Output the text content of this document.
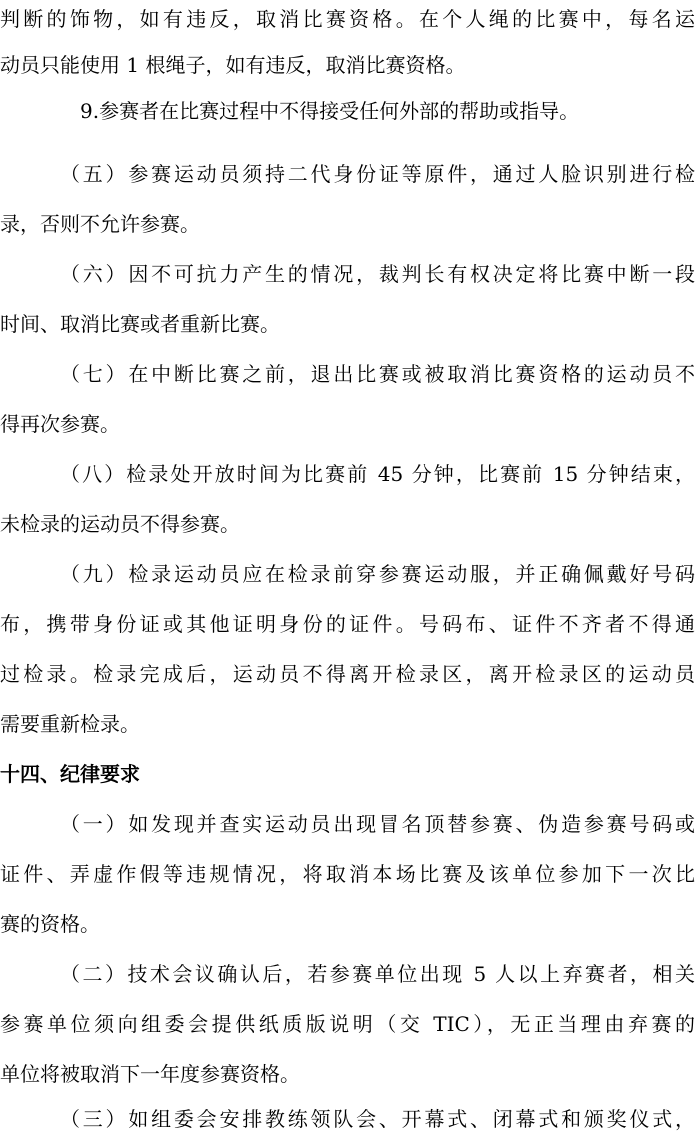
判断的饰物，如有违反，取消比赛资格。在个人绳的比赛中，每名运
动员只能使用 1 根绳子，如有违反，取消比赛资格。
9.参赛者在比赛过程中不得接受任何外部的帮助或指导。
（五）参赛运动员须持二代身份证等原件，通过人脸识别进行检
录，否则不允许参赛。
（六）因不可抗力产生的情况，裁判长有权决定将比赛中断一段
时间、取消比赛或者重新比赛。
（七）在中断比赛之前，退出比赛或被取消比赛资格的运动员不
得再次参赛。
（八）检录处开放时间为比赛前 45 分钟，比赛前 15 分钟结束，
未检录的运动员不得参赛。
（九）检录运动员应在检录前穿参赛运动服，并正确佩戴好号码
布，携带身份证或其他证明身份的证件。号码布、证件不齐者不得通
过检录。检录完成后，运动员不得离开检录区，离开检录区的运动员
需要重新检录。
十四、纪律要求
（一）如发现并查实运动员出现冒名顶替参赛、伪造参赛号码或
证件、弄虚作假等违规情况，将取消本场比赛及该单位参加下一次比
赛的资格。
（二）技术会议确认后，若参赛单位出现 5 人以上弃赛者，相关
参赛单位须向组委会提供纸质版说明（交 TIC），无正当理由弃赛的
单位将被取消下一年度参赛资格。
（三）如组委会安排教练领队会、开幕式、闭幕式和颁奖仪式，
